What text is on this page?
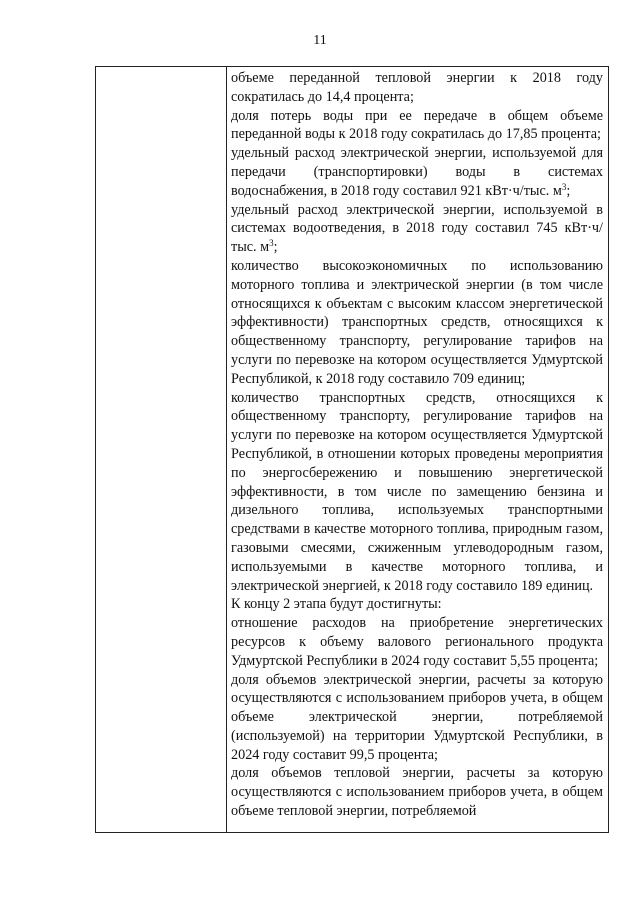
11

объеме переданной тепловой энергии к 2018 году сократилась до 14,4 процента;

доля потерь воды при ее передаче в общем объеме переданной воды к 2018 году сократилась до 17,85 процента;

удельный расход электрической энергии, используемой для передачи (транспортировки) воды в системах водоснабжения, в 2018 году составил 921 кВт·ч/тыс. $м^3$;

удельный расход электрической энергии, используемой в системах водоотведения, в 2018 году составил 745 кВт·ч/тыс. $м^3$;

количество высокоэкономичных по использованию моторного топлива и электрической энергии (в том числе относящихся к объектам с высоким классом энергетической эффективности) транспортных средств, относящихся к общественному транспорту, регулирование тарифов на услуги по перевозке на котором осуществляется Удмуртской Республикой, к 2018 году составило 709 единиц;

количество транспортных средств, относящихся к общественному транспорту, регулирование тарифов на услуги по перевозке на котором осуществляется Удмуртской Республикой, в отношении которых проведены мероприятия по энергосбережению и повышению энергетической эффективности, в том числе по замещению бензина и дизельного топлива, используемых транспортными средствами в качестве моторного топлива, природным газом, газовыми смесями, сжиженным углеводородным газом, используемыми в качестве моторного топлива, и электрической энергией, к 2018 году составило 189 единиц.

К концу 2 этапа будут достигнуты:

отношение расходов на приобретение энергетических ресурсов к объему валового регионального продукта Удмуртской Республики в 2024 году составит 5,55 процента;

доля объемов электрической энергии, расчеты за которую осуществляются с использованием приборов учета, в общем объеме электрической энергии, потребляемой (используемой) на территории Удмуртской Республики, в 2024 году составит 99,5 процента;

доля объемов тепловой энергии, расчеты за которую осуществляются с использованием приборов учета, в общем объеме тепловой энергии, потребляемой
